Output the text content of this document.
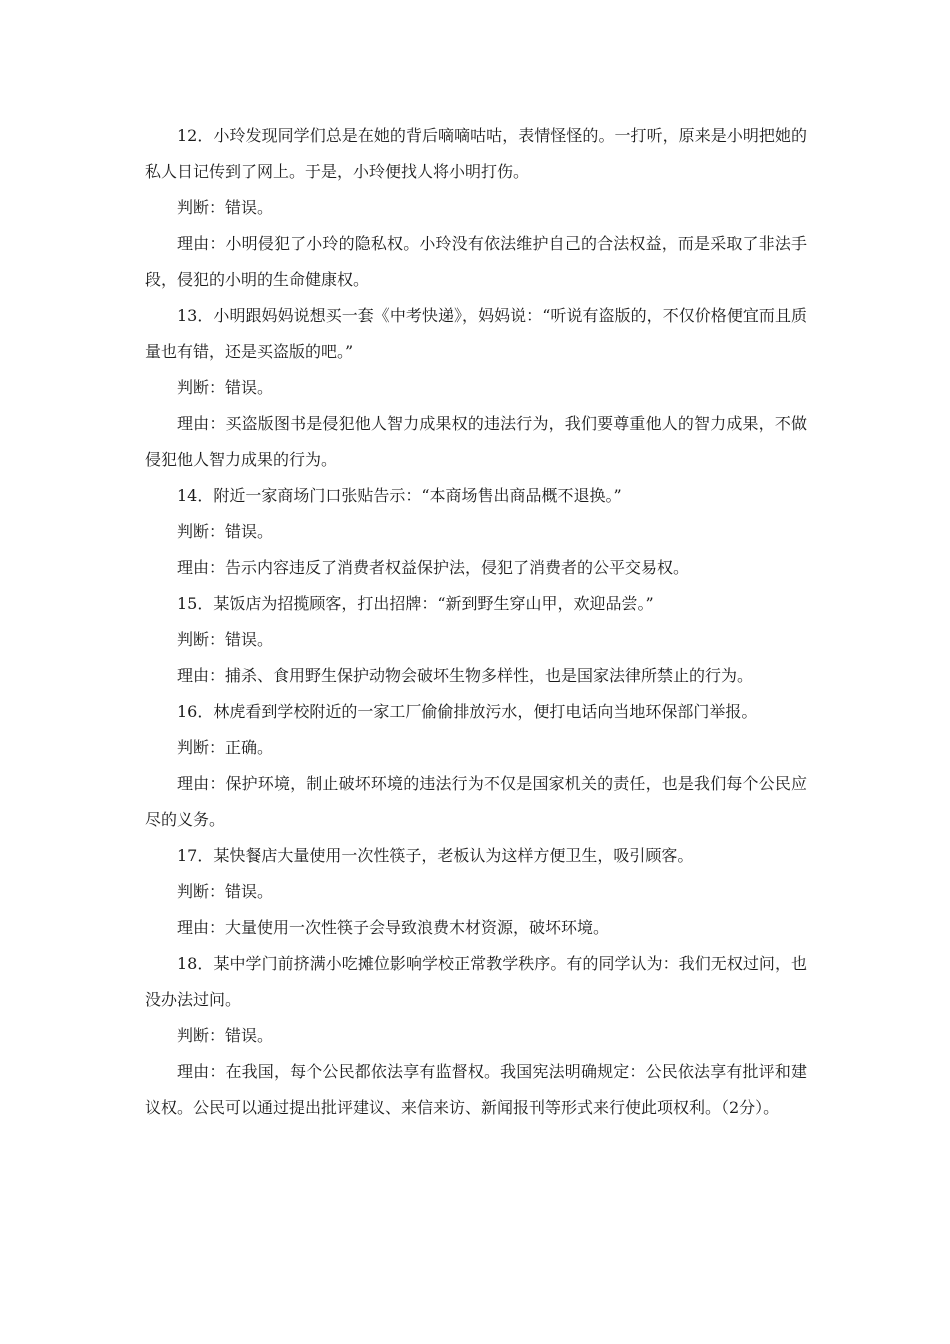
12．小玲发现同学们总是在她的背后嘀嘀咕咕，表情怪怪的。一打听，原来是小明把她的私人日记传到了网上。于是，小玲便找人将小明打伤。

判断：错误。

理由：小明侵犯了小玲的隐私权。小玲没有依法维护自己的合法权益，而是采取了非法手段，侵犯的小明的生命健康权。

13．小明跟妈妈说想买一套《中考快递》，妈妈说：“听说有盗版的，不仅价格便宜而且质量也有错，还是买盗版的吧。”

判断：错误。

理由：买盗版图书是侵犯他人智力成果权的违法行为，我们要尊重他人的智力成果，不做侵犯他人智力成果的行为。

14．附近一家商场门口张贴告示：“本商场售出商品概不退换。”

判断：错误。

理由：告示内容违反了消费者权益保护法，侵犯了消费者的公平交易权。

15．某饭店为招揽顾客，打出招牌：“新到野生穿山甲，欢迎品尝。”

判断：错误。

理由：捕杀、食用野生保护动物会破坏生物多样性，也是国家法律所禁止的行为。

16．林虎看到学校附近的一家工厂偷偷排放污水，便打电话向当地环保部门举报。

判断：正确。

理由：保护环境，制止破坏环境的违法行为不仅是国家机关的责任，也是我们每个公民应尽的义务。

17．某快餐店大量使用一次性筷子，老板认为这样方便卫生，吸引顾客。

判断：错误。

理由：大量使用一次性筷子会导致浪费木材资源，破坏环境。

18．某中学门前挤满小吃摊位影响学校正常教学秩序。有的同学认为：我们无权过问，也没办法过问。

判断：错误。

理由：在我国，每个公民都依法享有监督权。我国宪法明确规定：公民依法享有批评和建议权。公民可以通过提出批评建议、来信来访、新闻报刊等形式来行使此项权利。（2分）。
